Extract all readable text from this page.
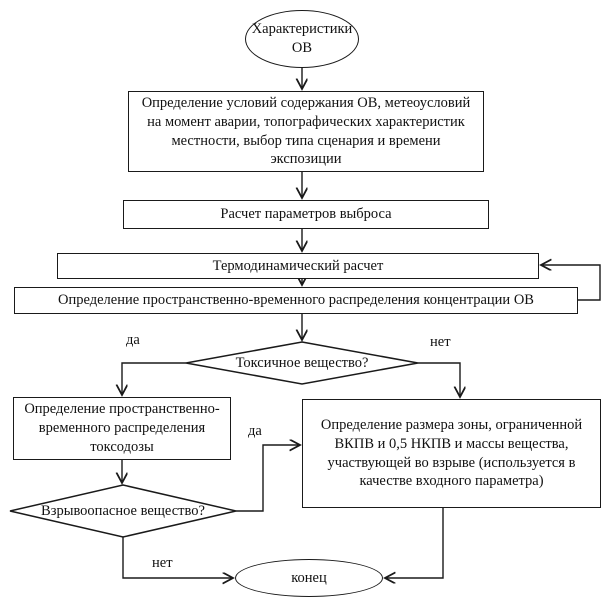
Характеристики ОВ
Определение условий содержания ОВ, метеоусловий на момент аварии, топографических характеристик местности, выбор типа сценария и времени экспозиции
Расчет параметров выброса
Термодинамический расчет
Определение пространственно-временного распределения концентрации ОВ
Токсичное вещество?
Определение пространственно-временного распределения токсодозы
Определение размера зоны, ограниченной ВКПВ и 0,5 НКПВ и массы вещества, участвующей во взрыве (используется в качестве входного параметра)
Взрывоопасное вещество?
конец
да	нет
да
нет
